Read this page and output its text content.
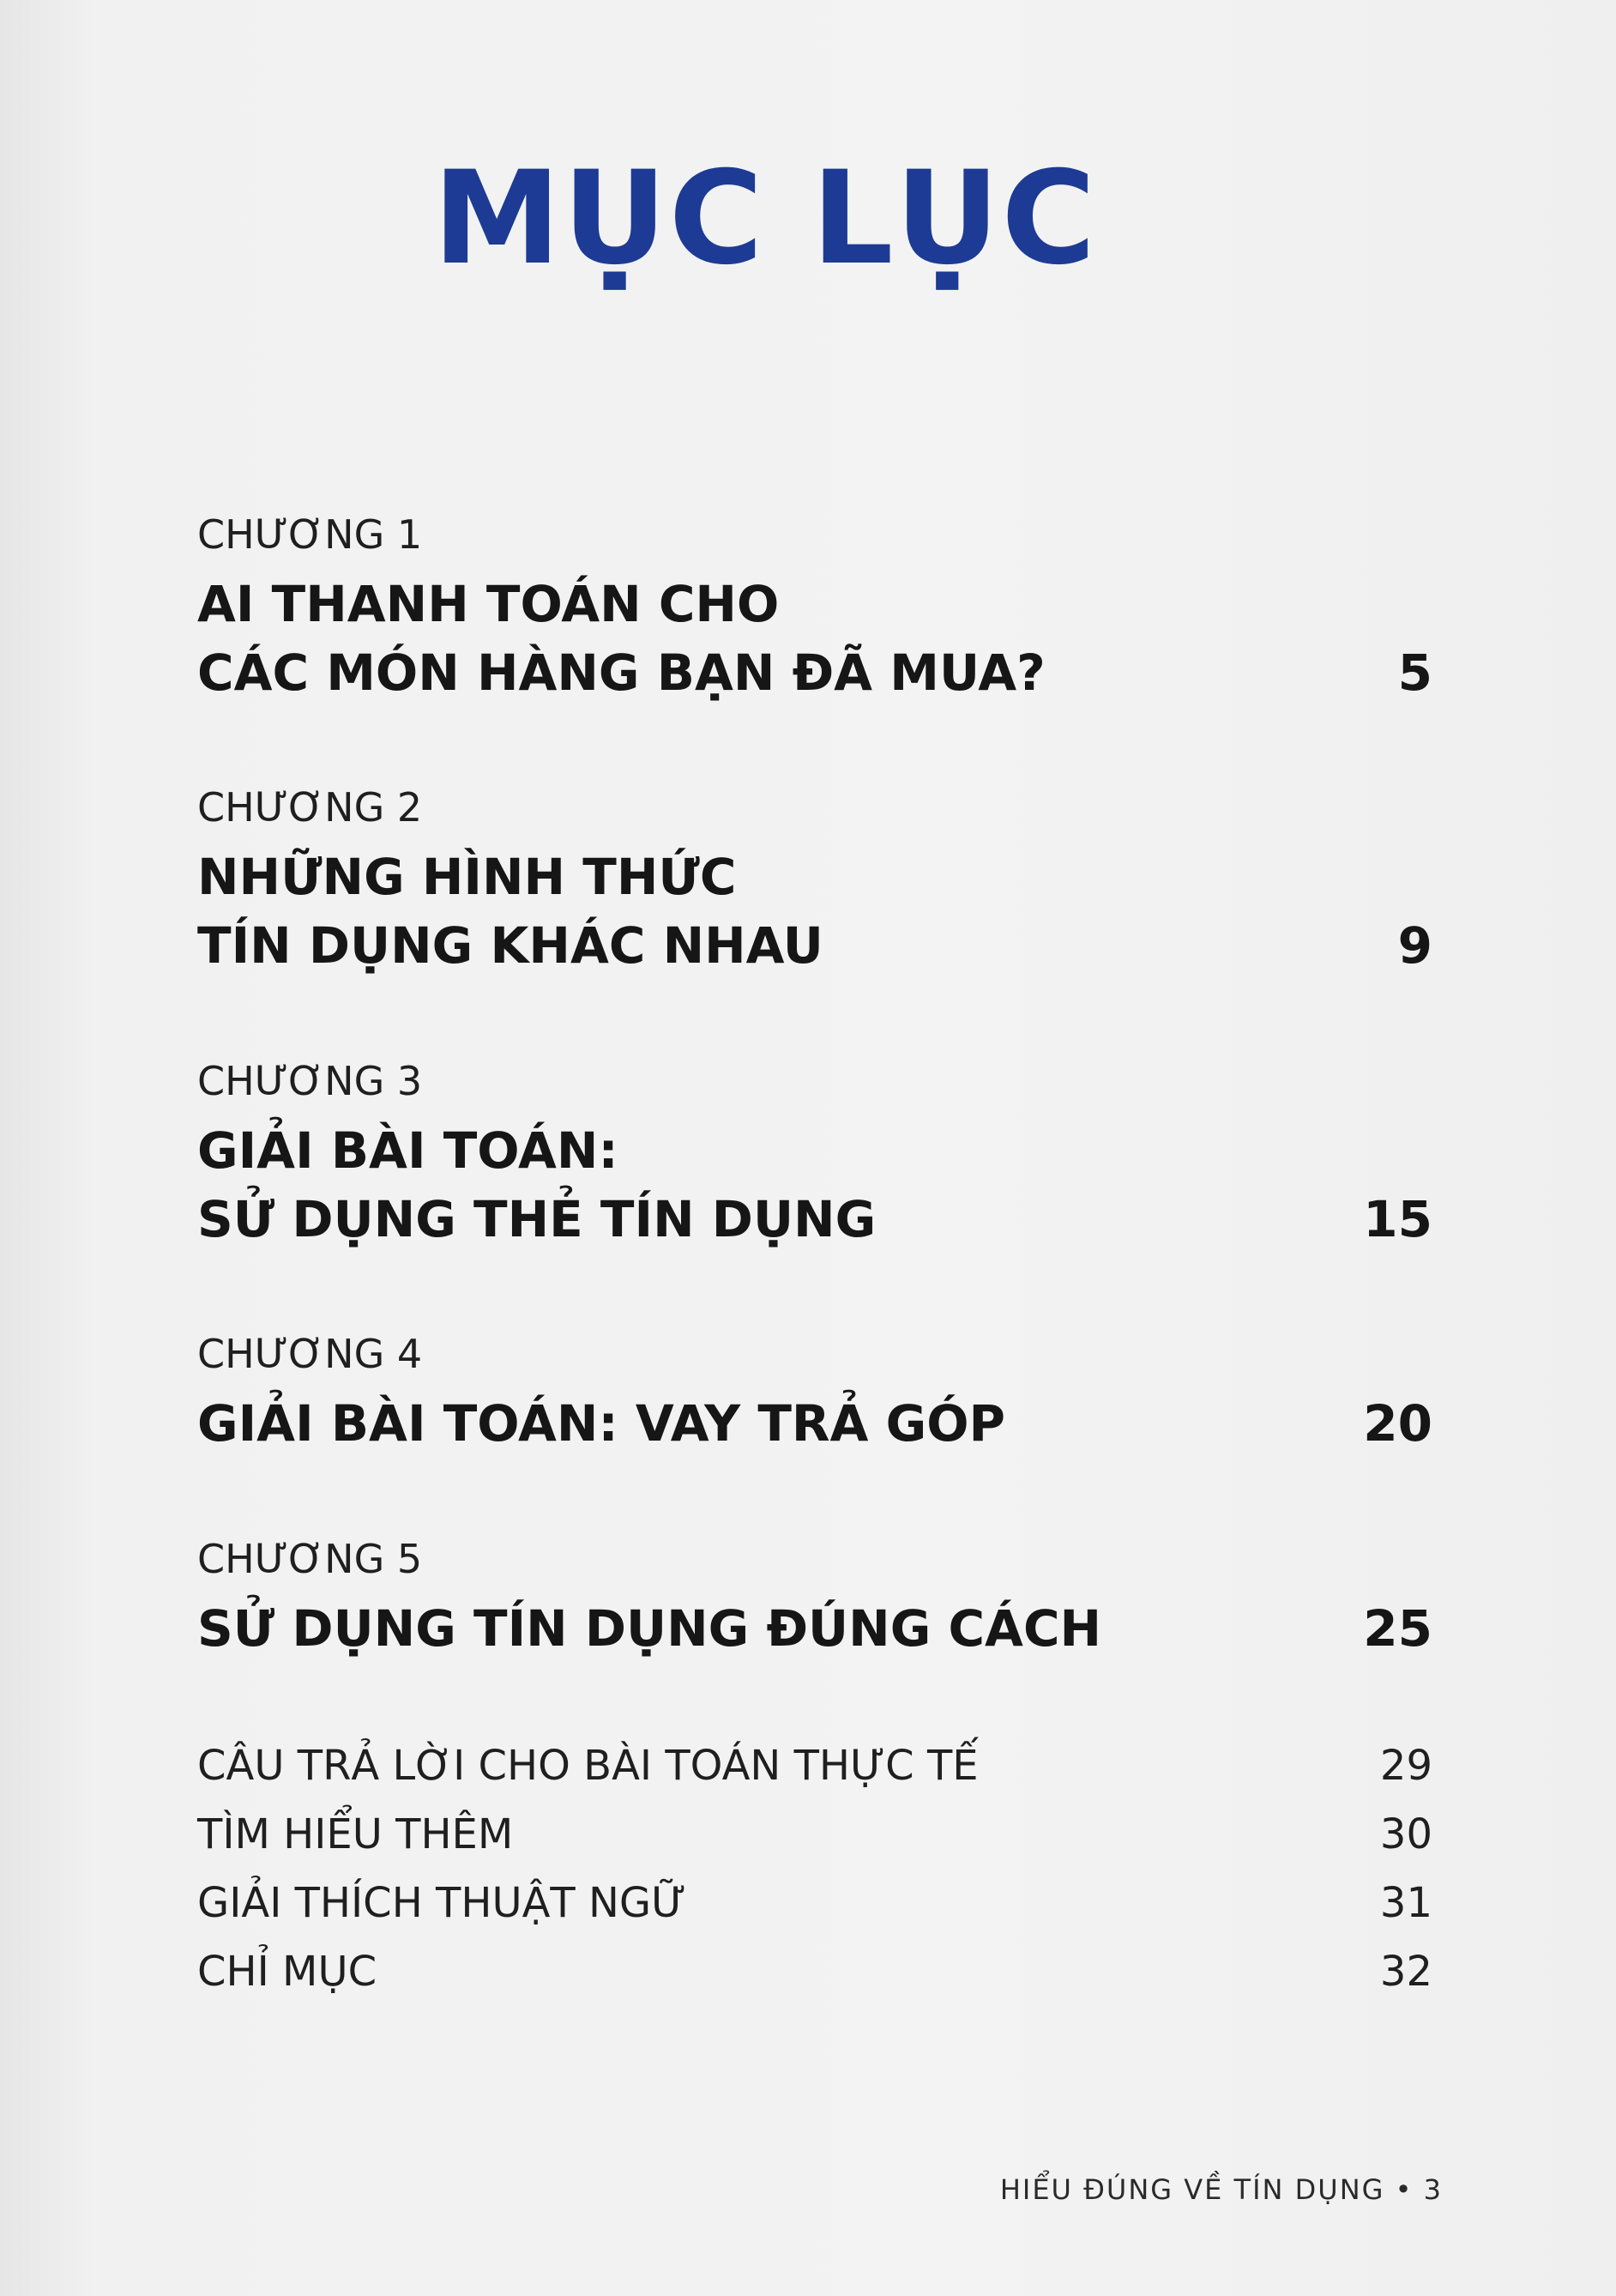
MỤC LỤC
CHƯƠNG 1
AI THANH TOÁN CHO
CÁC MÓN HÀNG BẠN ĐÃ MUA?	5
CHƯƠNG 2
NHỮNG HÌNH THỨC
TÍN DỤNG KHÁC NHAU	9
CHƯƠNG 3
GIẢI BÀI TOÁN:
SỬ DỤNG THẺ TÍN DỤNG	15
CHƯƠNG 4
GIẢI BÀI TOÁN: VAY TRẢ GÓP	20
CHƯƠNG 5
SỬ DỤNG TÍN DỤNG ĐÚNG CÁCH	25
CÂU TRẢ LỜI CHO BÀI TOÁN THỰC TẾ	29
TÌM HIỂU THÊM	30
GIẢI THÍCH THUẬT NGỮ	31
CHỈ MỤC	32
HIỂU ĐÚNG VỀ TÍN DỤNG • 3
